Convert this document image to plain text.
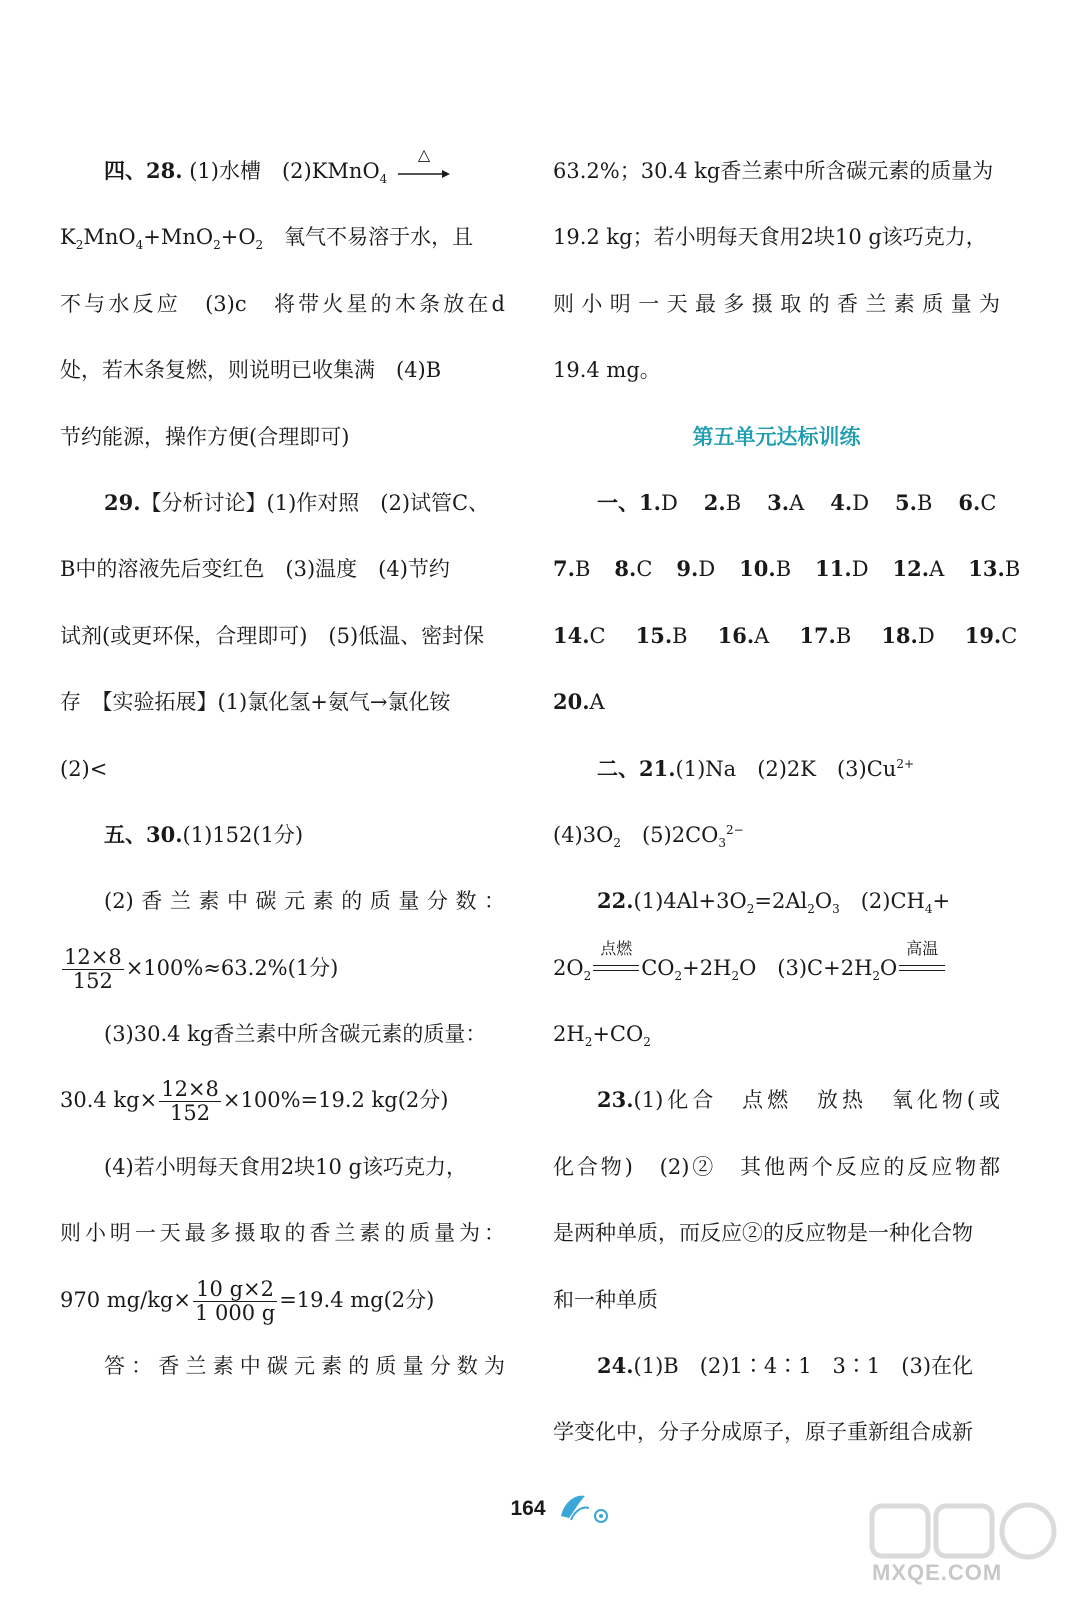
四、28. (1)水槽　(2)KMnO$_4$
△
$K_2MnO_4+MnO_2+O_2$　氧气不易溶于水，且
不与水反应　(3)c　将带火星的木条放在d
处，若木条复燃，则说明已收集满　(4)B
节约能源，操作方便(合理即可)
29.【分析讨论】(1)作对照　(2)试管C、
B中的溶液先后变红色　(3)温度　(4)节约
试剂(或更环保，合理即可)　(5)低温、密封保
存　【实验拓展】(1)氯化氢+氨气→氯化铵
(2)<
五、30.(1)152(1分)
(2)香兰素中碳元素的质量分数：
$\frac{12\times 8}{152} \times 100\%\approx 63.2\%(1$分)
(3)30.4 kg香兰素中所含碳元素的质量：
30.4 $kg\times \frac{12\times 8}{152} \times 100\%=19.2$ kg(2分)
(4)若小明每天食用2块10 g该巧克力，
则小明一天最多摄取的香兰素的质量为：
970 $mg/kg\times \frac{10 g\times 2}{1 000 g} =19.4$ mg(2分)
答：香兰素中碳元素的质量分数为
63.2%；30.4 kg香兰素中所含碳元素的质量为
19.2 kg；若小明每天食用2块10 g该巧克力，
则小明一天最多摄取的香兰素质量为
19.4 mg。
第五单元达标训练
一、1.D 2.B 3.A 4.D 5.B 6.C
7.B 8.C 9.D 10.B 11.D 12.A 13.B
14.C 15.B 16.A 17.B 18.D 19.C
20.A
二、21.(1)Na　(2)2K　$(3)Cu^{2+}$
$(4)3O_2$　$(5)2CO_3^{2-}$
$22.(1)4Al+3O_2=2Al_2O_3$　$(2)CH_4+$
$2O_2$
点燃
$CO_2+2H_2O$　$(3)C+2H_2O$
高温
$2H_2+CO_2$
23.(1)化合　点燃　放热　氧化物(或
化合物)　(2)②　其他两个反应的反应物都
是两种单质，而反应②的反应物是一种化合物
和一种单质
24.(1)B　(2)1∶4∶1　3∶1　(3)在化
学变化中，分子分成原子，原子重新组合成新
164
MXQE.COM
